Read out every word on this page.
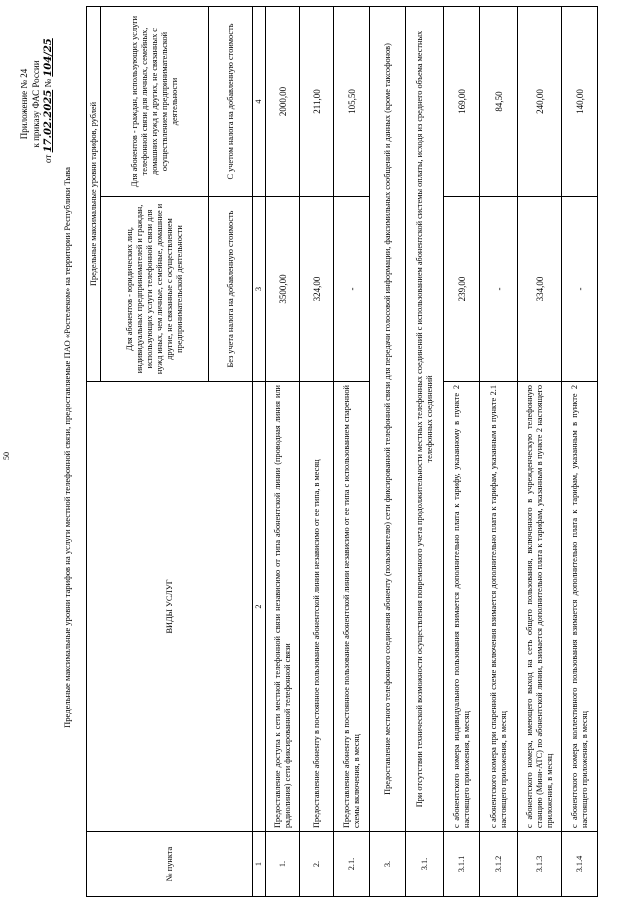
50
Приложение № 24 к приказу ФАС России
от 17.02.2025 № 104/25
Предельные максимальные уровни тарифов на услуги местной телефонной связи, предоставляемые ПАО «Ростелеком» на территории Республики Тыва
№ пункта	ВИДЫ УСЛУГ	Предельные максимальные уровни тарифов, рублей	
		Для абонентов - юридических лиц, индивидуальных предпринимателей и граждан, использующих услуги телефонной связи для нужд иных, чем личные, семейные, домашние и другие, не связанные с осуществлением предпринимательской деятельности	Для абонентов - граждан, использующих услуги телефонной связи для личных, семейных, домашних нужд и других, не связанных с осуществлением предпринимательской деятельности
		Без учета налога на добавленную стоимость	С учетом налога на добавленную стоимость
1	2	3	4
1.	Предоставление доступа к сети местной телефонной связи независимо от типа абонентской линии (проводная линия или радиолиния) сети фиксированной телефонной связи	3500,00	2000,00
2.	Предоставление абоненту в постоянное пользование абонентской линии независимо от ее типа, в месяц	324,00	211,00
2.1.	Предоставление абоненту в постоянное пользование абонентской линии независимо от ее типа с использованием спаренной схемы включения, в месяц	-	105,50
3.	Предоставление местного телефонного соединения абоненту (пользователю) сети фиксированной телефонной связи для передачи голосовой информации, факсимильных сообщений и данных (кроме таксофонов)		
3.1.	При отсутствии технической возможности осуществления повременного учета продолжительности местных телефонных соединений с использованием абонентской системы оплаты, исходя из среднего объема местных телефонных соединений		
3.1.1	с абонентского номера индивидуального пользования взимается дополнительно плата к тарифу, указанному в пункте 2 настоящего приложения, в месяц	239,00	169,00
3.1.2	с абонентского номера при спаренной схеме включения взимается дополнительно плата к тарифам, указанным в пункте 2.1 настоящего приложения, в месяц	-	84,50
3.1.3	с абонентского номера, имеющего выход на сеть общего пользования, включенного в учрежденческую телефонную станцию (Мини-АТС) по абонентской линии, взимается дополнительно плата к тарифам, указанным в пункте 2 настоящего приложения, в месяц	334,00	240,00
3.1.4	с абонентского номера коллективного пользования взимается дополнительно плата к тарифам, указанным в пункте 2 настоящего приложения, в месяц	-	140,00
